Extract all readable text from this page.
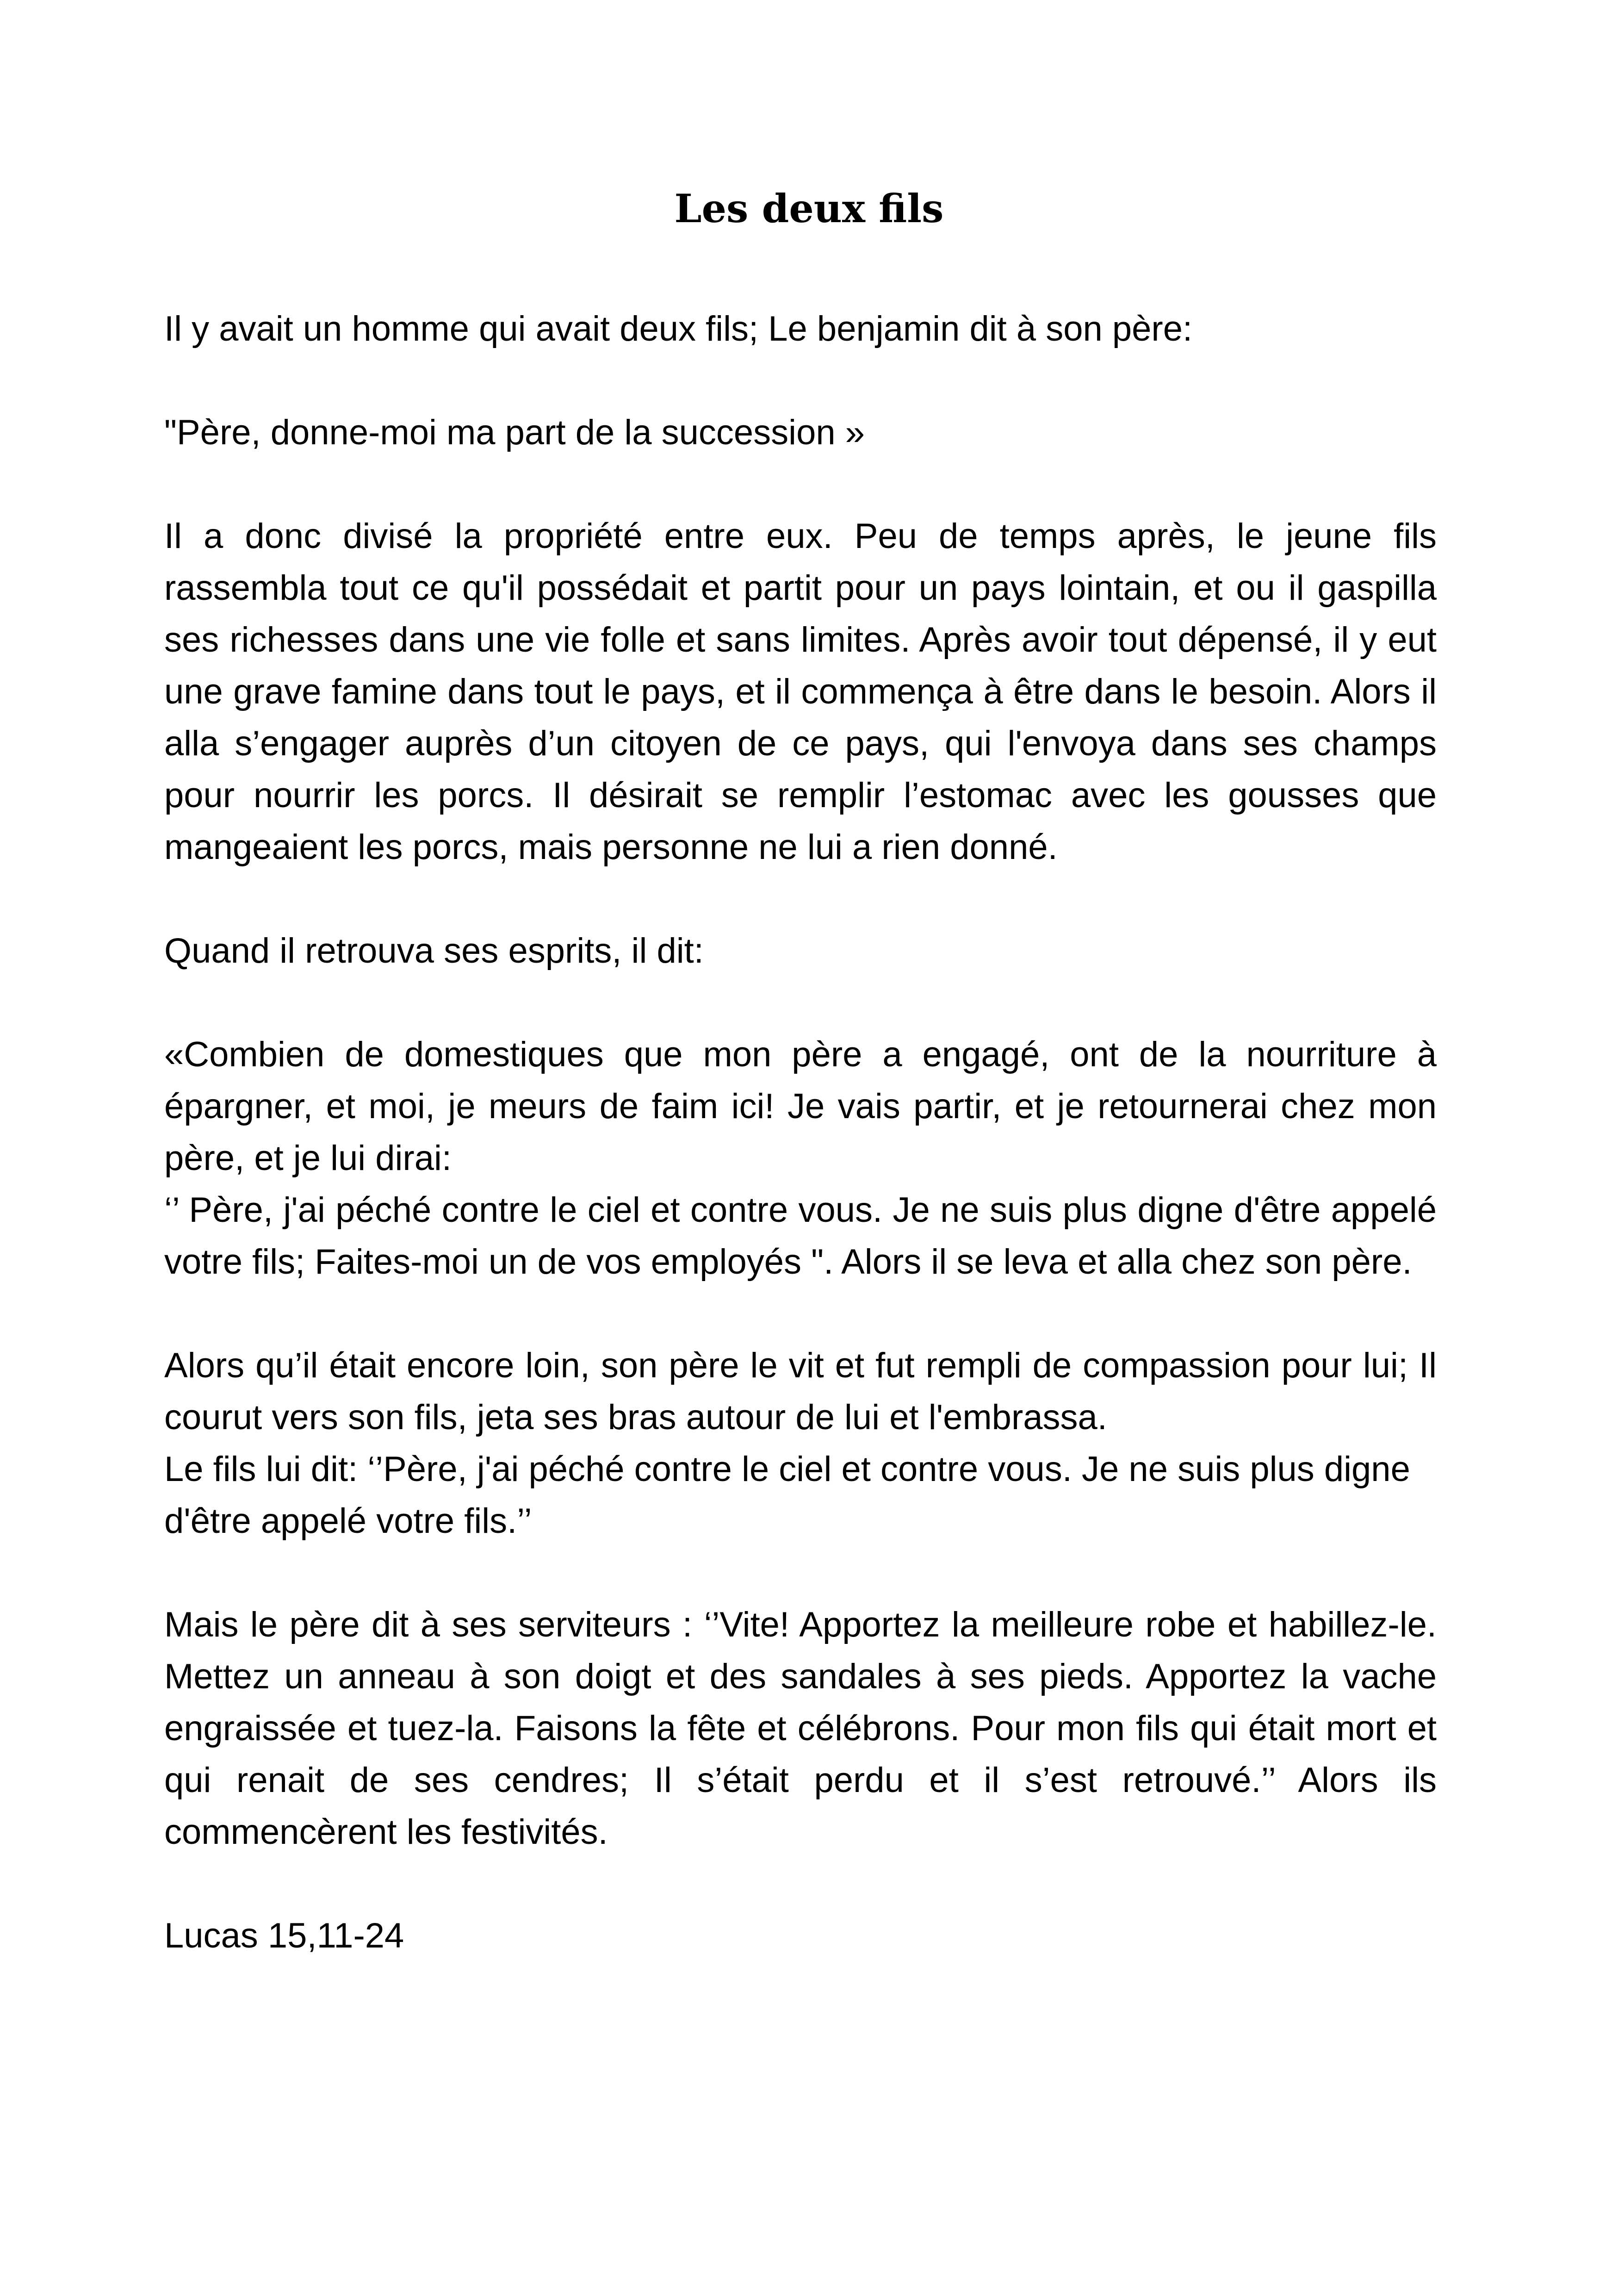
Les deux fils

Il y avait un homme qui avait deux fils; Le benjamin dit à son père:

"Père, donne-moi ma part de la succession »

Il a donc divisé la propriété entre eux. Peu de temps après, le jeune fils rassembla tout ce qu'il possédait et partit pour un pays lointain, et ou il gaspilla ses richesses dans une vie folle et sans limites. Après avoir tout dépensé, il y eut une grave famine dans tout le pays, et il commença à être dans le besoin. Alors il alla s’engager auprès d’un citoyen de ce pays, qui l'envoya dans ses champs pour nourrir les porcs. Il désirait se remplir l’estomac avec les gousses que mangeaient les porcs, mais personne ne lui a rien donné.

Quand il retrouva ses esprits, il dit:

«Combien de domestiques que mon père a engagé, ont de la nourriture à épargner, et moi, je meurs de faim ici! Je vais partir, et je retournerai chez mon père, et je lui dirai:

‘’ Père, j'ai péché contre le ciel et contre vous. Je ne suis plus digne d'être appelé votre fils; Faites-moi un de vos employés ". Alors il se leva et alla chez son père.

Alors qu’il était encore loin, son père le vit et fut rempli de compassion pour lui; Il courut vers son fils, jeta ses bras autour de lui et l'embrassa.

Le fils lui dit: ‘’Père, j'ai péché contre le ciel et contre vous. Je ne suis plus digne d'être appelé votre fils.’’

Mais le père dit à ses serviteurs : ‘’Vite! Apportez la meilleure robe et habillez-le. Mettez un anneau à son doigt et des sandales à ses pieds. Apportez la vache engraissée et tuez-la. Faisons la fête et célébrons. Pour mon fils qui était mort et qui renait de ses cendres; Il s’était perdu et il s’est retrouvé.’’ Alors ils commencèrent les festivités.

Lucas 15,11-24
